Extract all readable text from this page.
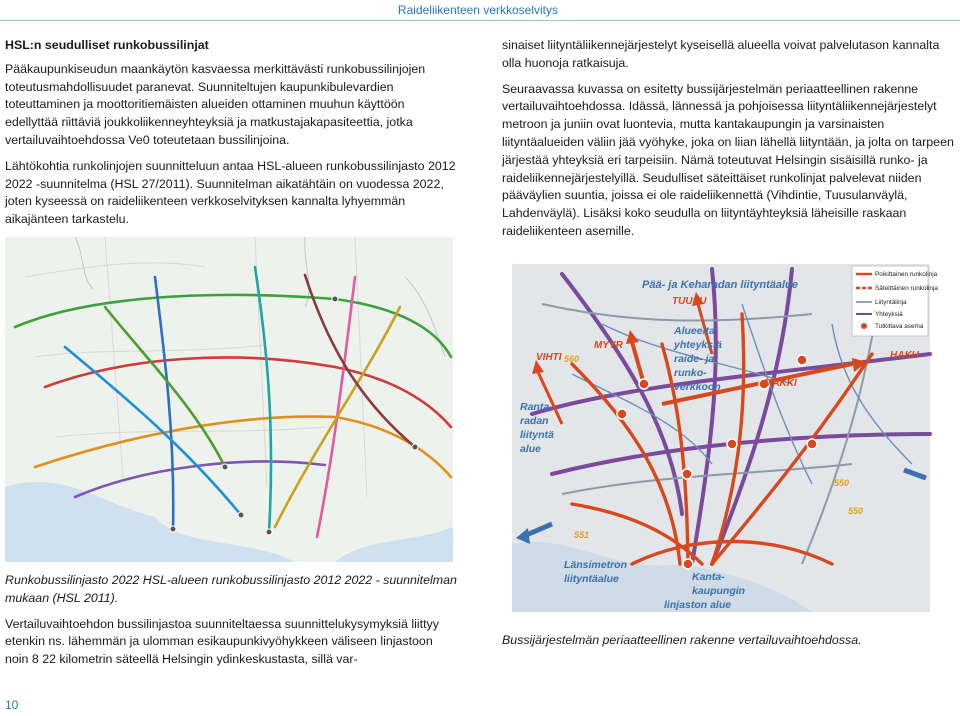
Raideliikenteen verkkoselvitys
HSL:n seudulliset runkobussilinjat

Pääkaupunkiseudun maankäytön kasvaessa merkittävästi runkobussilinjojen toteutusmahdollisuudet paranevat. Suunniteltujen kaupunkibulevardien toteuttaminen ja moottoritiemäisten alueiden ottaminen muuhun käyttöön edellyttää riittäviä joukkoliikenneyhteyksiä ja matkustajakapasiteettia, jotka vertailuvaihtoehdossa Ve0 toteutetaan bussilinjoina.

Lähtökohtia runkolinjojen suunnitteluun antaa HSL-alueen runkobussilinjasto 2012 2022 -suunnitelma (HSL 27/2011). Suunnitelman aikatähtäin on vuodessa 2022, joten kyseessä on raideliikenteen verkkoselvityksen kannalta lyhyemmän aikajänteen tarkastelu.

Runkobussilinjasto 2022 HSL-alueen runkobussilinjasto 2012 2022 - suunnitelman mukaan (HSL 2011).

Vertailuvaihtoehdon bussilinjastoa suunniteltaessa suunnittelukysymyksiä liittyy etenkin ns. lähemmän ja ulomman esikaupunkivyöhykkeen väliseen linjastoon noin 8 22 kilometrin säteellä Helsingin ydinkeskustasta, sillä var-

sinaiset liityntäliikennejärjestelyt kyseisellä alueella voivat palvelutason kannalta olla huonoja ratkaisuja.

Seuraavassa kuvassa on esitetty bussijärjestelmän periaatteellinen rakenne vertailuvaihtoehdossa. Idässä, lännessä ja pohjoisessa liityntäliikennejärjestelyt metroon ja juniin ovat luontevia, mutta kantakaupungin ja varsinaisten liityntäalueiden väliin jää vyöhyke, joka on liian lähellä liityntään, ja jolta on tarpeen järjestää yhteyksiä eri tarpeisiin. Nämä toteutuvat Helsingin sisäisillä runko- ja raideliikennejärjestelyillä. Seudulliset säteittäiset runkolinjat palvelevat niiden pääväylien suuntia, joissa ei ole raideliikennettä (Vihdintie, Tuusulanväylä, Lahdenväylä). Lisäksi koko seudulla on liityntäyhteyksiä läheisille raskaan raideliikenteen asemille.

Poikittainen runkolinja
Säteittäinen runkolinja
Liityntälinja
Yhteyksiä
Tutkittava asema
Pää- ja Keharadan liityntäalue
TUUSU
MYYR
VIHTI 560
Alueelta
yhteyksiä
raide- ja
runko-
verkkoon	MAKKI
HAKU
Ranta-
radan
liityntä
alue
550
550
551
Länsimetron
liityntäalue	Kanta-
kaupungin
linjaston alue

Bussijärjestelmän periaatteellinen rakenne vertailuvaihtoehdossa.

10
